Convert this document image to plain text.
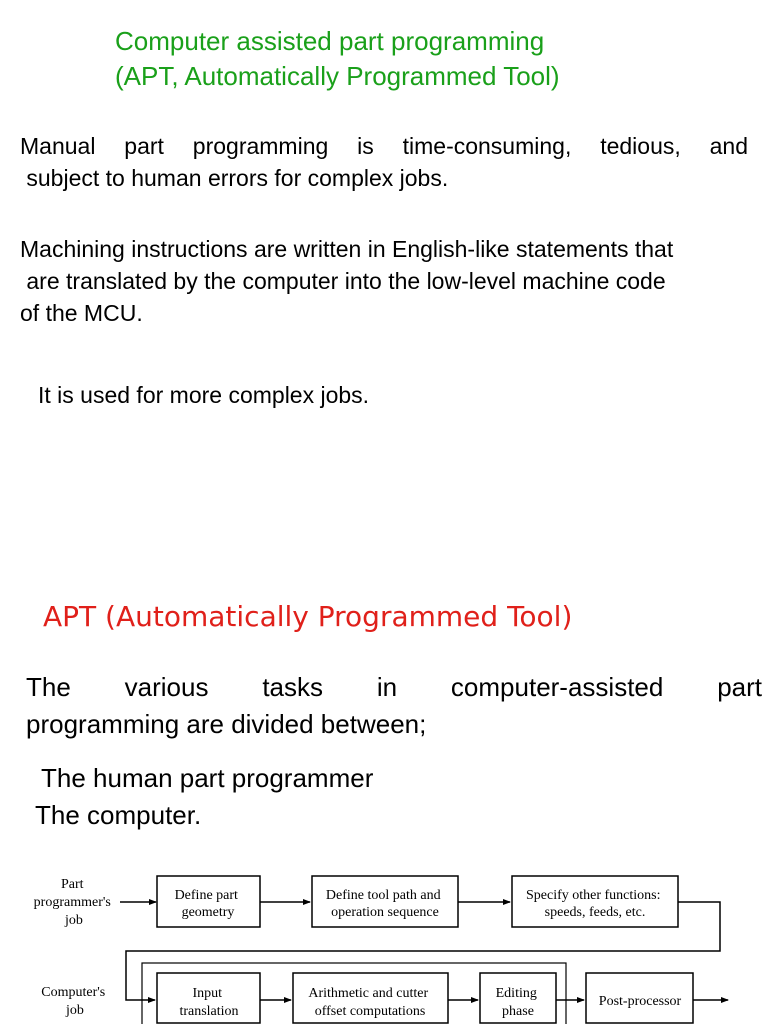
Computer assisted part programming
(APT, Automatically Programmed Tool)
Manual part programming is time-consuming, tedious, and
subject to human errors for complex jobs.
Machining instructions are written in English-like statements that
are translated by the computer into the low-level machine code
of the MCU.
It is used for more complex jobs.
APT (Automatically Programmed Tool)
The various tasks in computer-assisted part
programming are divided between;
The human part programmer
The computer.
Part programmer's job
Define part geometry
Define tool path and operation sequence
Specify other functions: speeds, feeds, etc.
Computer's job
Input translation
Arithmetic and cutter offset computations
Editing phase
Post-processor
